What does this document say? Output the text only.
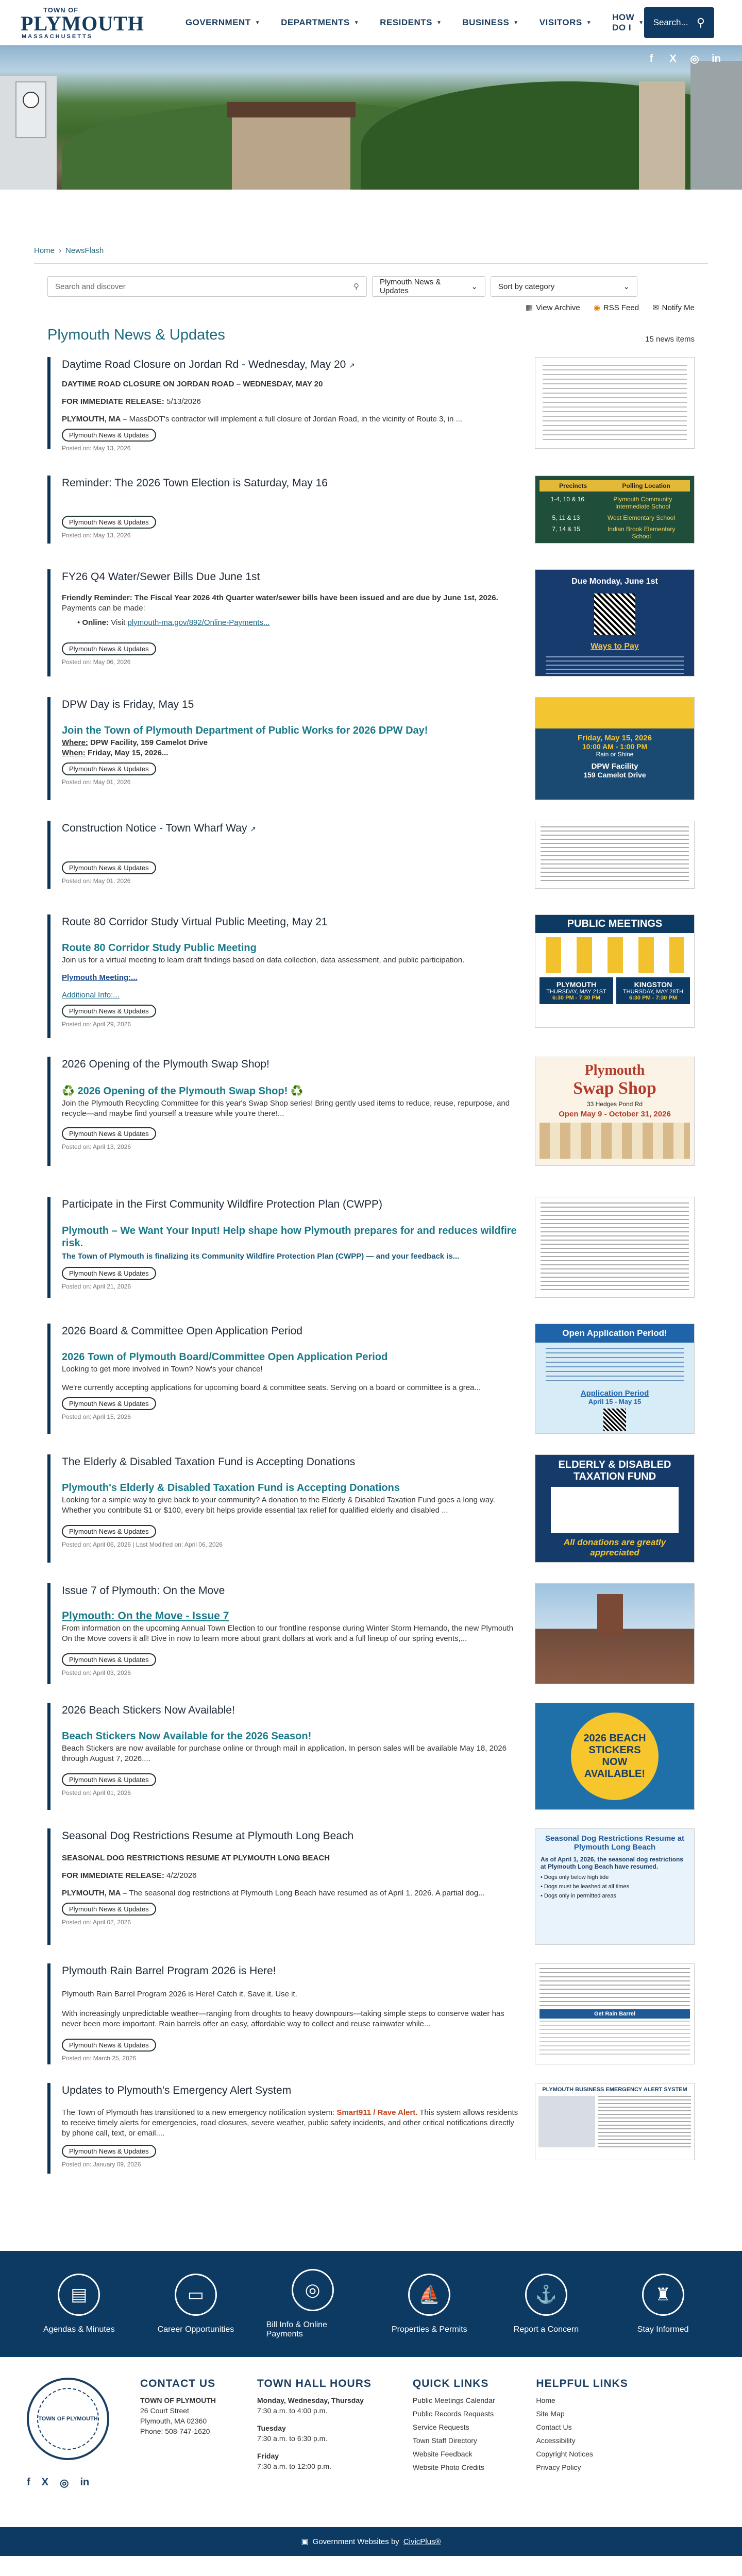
TOWN OF
PLYMOUTH
MASSACHUSETTS
GOVERNMENT ▼ DEPARTMENTS ▼ RESIDENTS ▼ BUSINESS ▼ VISITORS ▼
HOW DO I	▼ Search... ⚲
f	X	◎ in
Home › NewsFlash
Search and discover	⚲
Plymouth News & Updates	⌄	Sort by category	⌄
▦ View Archive ◉ RSS Feed ✉ Notify Me
Plymouth News & Updates	15 news items
Daytime Road Closure on Jordan Rd - Wednesday, May 20 ↗
DAYTIME ROAD CLOSURE ON JORDAN ROAD – WEDNESDAY, MAY 20
FOR IMMEDIATE RELEASE: 5/13/2026
PLYMOUTH, MA – MassDOT's contractor will implement a full closure of Jordan Road, in the vicinity of Route 3, in ...
Plymouth News & Updates
Posted on: May 13, 2026
Reminder: The 2026 Town Election is Saturday, May 16
Plymouth News & Updates
Posted on: May 13, 2026
Precincts	Polling Location
1-4, 10 & 16	Plymouth Community Intermediate School
5, 11 & 13	West Elementary School
7, 14 & 15	Indian Brook Elementary School
FY26 Q4 Water/Sewer Bills Due June 1st
Friendly Reminder: The Fiscal Year 2026 4th Quarter water/sewer bills have been issued and are due by June 1st, 2026.
Payments can be made:
• Online: Visit plymouth-ma.gov/892/Online-Payments...
Plymouth News & Updates
Posted on: May 06, 2026
Due Monday, June 1st
Ways to Pay
DPW Day is Friday, May 15
Join the Town of Plymouth Department of Public Works for 2026 DPW Day!
Where: DPW Facility, 159 Camelot Drive
When: Friday, May 15, 2026...
Plymouth News & Updates
Posted on: May 01, 2026
Friday, May 15, 2026
10:00 AM - 1:00 PM
Rain or Shine
DPW Facility
159 Camelot Drive
Construction Notice - Town Wharf Way ↗
Plymouth News & Updates
Posted on: May 01, 2026
Route 80 Corridor Study Virtual Public Meeting, May 21
Route 80 Corridor Study Public Meeting
Join us for a virtual meeting to learn draft findings based on data collection, data assessment, and public participation.
Plymouth Meeting:...
Additional Info:...
Plymouth News & Updates
Posted on: April 29, 2026
PUBLIC MEETINGS
PLYMOUTH
THURSDAY, MAY 21ST
6:30 PM - 7:30 PM
KINGSTON
THURSDAY, MAY 28TH
6:30 PM - 7:30 PM
2026 Opening of the Plymouth Swap Shop!
♻️ 2026 Opening of the Plymouth Swap Shop! ♻️
Join the Plymouth Recycling Committee for this year's Swap Shop series! Bring gently used items to reduce, reuse, repurpose, and recycle—and maybe find yourself a treasure while you're there!...
Plymouth News & Updates
Posted on: April 13, 2026
Plymouth
Swap Shop
33 Hedges Pond Rd
Open May 9 - October 31, 2026
Participate in the First Community Wildfire Protection Plan (CWPP)
Plymouth – We Want Your Input! Help shape how Plymouth prepares for and reduces wildfire risk.
The Town of Plymouth is finalizing its Community Wildfire Protection Plan (CWPP) — and your feedback is...
Plymouth News & Updates
Posted on: April 21, 2026
2026 Board & Committee Open Application Period
2026 Town of Plymouth Board/Committee Open Application Period
Looking to get more involved in Town? Now's your chance!
We're currently accepting applications for upcoming board & committee seats. Serving on a board or committee is a grea...
Plymouth News & Updates
Posted on: April 15, 2026
Open Application Period!
Application Period
April 15 - May 15
The Elderly & Disabled Taxation Fund is Accepting Donations
Plymouth's Elderly & Disabled Taxation Fund is Accepting Donations
Looking for a simple way to give back to your community? A donation to the Elderly & Disabled Taxation Fund goes a long way. Whether you contribute $1 or $100, every bit helps provide essential tax relief for qualified elderly and disabled ...
Plymouth News & Updates
Posted on: April 06, 2026 | Last Modified on: April 06, 2026
ELDERLY & DISABLED TAXATION FUND
All donations are greatly appreciated
Issue 7 of Plymouth: On the Move
Plymouth: On the Move - Issue 7
From information on the upcoming Annual Town Election to our frontline response during Winter Storm Hernando, the new Plymouth On the Move covers it all! Dive in now to learn more about grant dollars at work and a full lineup of our spring events,...
Plymouth News & Updates
Posted on: April 03, 2026
2026 Beach Stickers Now Available!
Beach Stickers Now Available for the 2026 Season!
Beach Stickers are now available for purchase online or through mail in application. In person sales will be available May 18, 2026 through August 7, 2026....
Plymouth News & Updates
Posted on: April 01, 2026
2026 BEACH STICKERS NOW AVAILABLE!
Seasonal Dog Restrictions Resume at Plymouth Long Beach
SEASONAL DOG RESTRICTIONS RESUME AT PLYMOUTH LONG BEACH
FOR IMMEDIATE RELEASE: 4/2/2026
PLYMOUTH, MA – The seasonal dog restrictions at Plymouth Long Beach have resumed as of April 1, 2026. A partial dog...
Plymouth News & Updates
Posted on: April 02, 2026
Seasonal Dog Restrictions Resume at Plymouth Long Beach
As of April 1, 2026, the seasonal dog restrictions at Plymouth Long Beach have resumed.
• Dogs only below high tide
• Dogs must be leashed at all times
• Dogs only in permitted areas
Plymouth Rain Barrel Program 2026 is Here!
Plymouth Rain Barrel Program 2026 is Here! Catch it. Save it. Use it.
With increasingly unpredictable weather—ranging from droughts to heavy downpours—taking simple steps to conserve water has never been more important. Rain barrels offer an easy, affordable way to collect and reuse rainwater while...
Plymouth News & Updates
Posted on: March 25, 2026
Get Rain Barrel
Updates to Plymouth's Emergency Alert System
The Town of Plymouth has transitioned to a new emergency notification system: Smart911 / Rave Alert. This system allows residents to receive timely alerts for emergencies, road closures, severe weather, public safety incidents, and other critical notifications directly by phone call, text, or email....
Plymouth News & Updates
Posted on: January 09, 2026
PLYMOUTH BUSINESS EMERGENCY ALERT SYSTEM
▤
Agendas & Minutes
▭
Career Opportunities
◎
Bill Info & Online Payments
⛵
Properties & Permits
⚓
Report a Concern
♜
Stay Informed
TOWN OF PLYMOUTH
f X ◎ in
CONTACT US

TOWN OF PLYMOUTH

26 Court Street

Plymouth, MA 02360

Phone: 508-747-1620

TOWN HALL HOURS

Monday, Wednesday, Thursday

7:30 a.m. to 4:00 p.m.

Tuesday

7:30 a.m. to 6:30 p.m.

Friday

7:30 a.m. to 12:00 p.m.

QUICK LINKS

Public Meetings Calendar

Public Records Requests

Service Requests

Town Staff Directory

Website Feedback

Website Photo Credits

HELPFUL LINKS

Home

Site Map

Contact Us

Accessibility

Copyright Notices

Privacy Policy

▣ Government Websites by CivicPlus®
